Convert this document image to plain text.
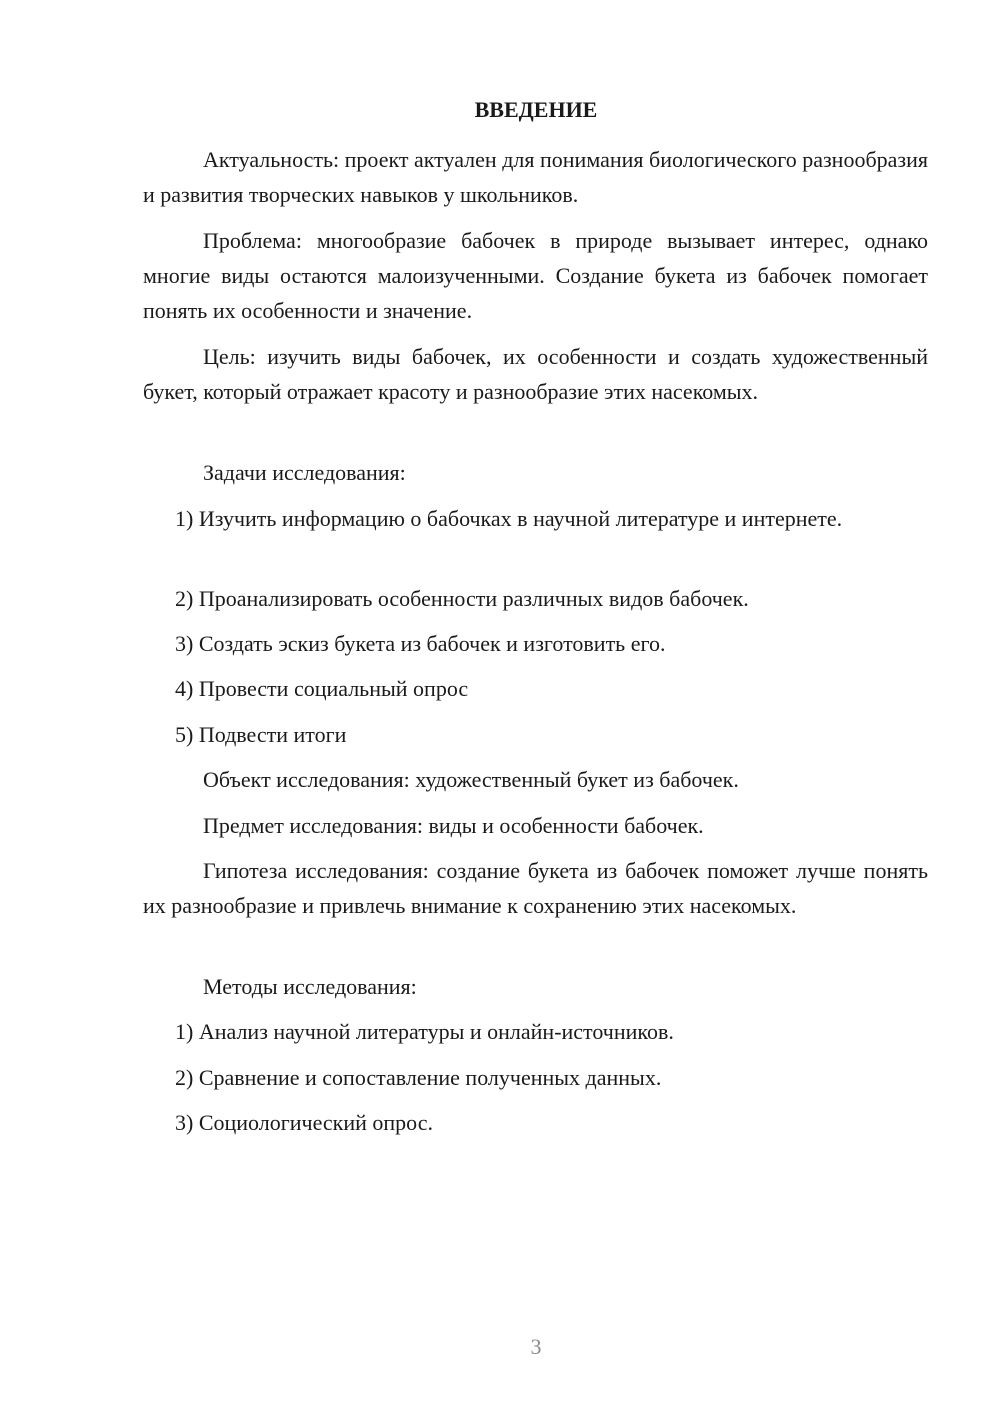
ВВЕДЕНИЕ
Актуальность: проект актуален для понимания биологического разнообразия и развития творческих навыков у школьников.
Проблема: многообразие бабочек в природе вызывает интерес, однако многие виды остаются малоизученными. Создание букета из бабочек помогает понять их особенности и значение.
Цель: изучить виды бабочек, их особенности и создать художественный букет, который отражает красоту и разнообразие этих насекомых.
Задачи исследования:
1) Изучить информацию о бабочках в научной литературе и интернете.
2) Проанализировать особенности различных видов бабочек.
3) Создать эскиз букета из бабочек и изготовить его.
4) Провести социальный опрос
5) Подвести итоги
Объект исследования: художественный букет из бабочек.
Предмет исследования: виды и особенности бабочек.
Гипотеза исследования: создание букета из бабочек поможет лучше понять их разнообразие и привлечь внимание к сохранению этих насекомых.
Методы исследования:
1) Анализ научной литературы и онлайн-источников.
2) Сравнение и сопоставление полученных данных.
3) Социологический опрос.
3
